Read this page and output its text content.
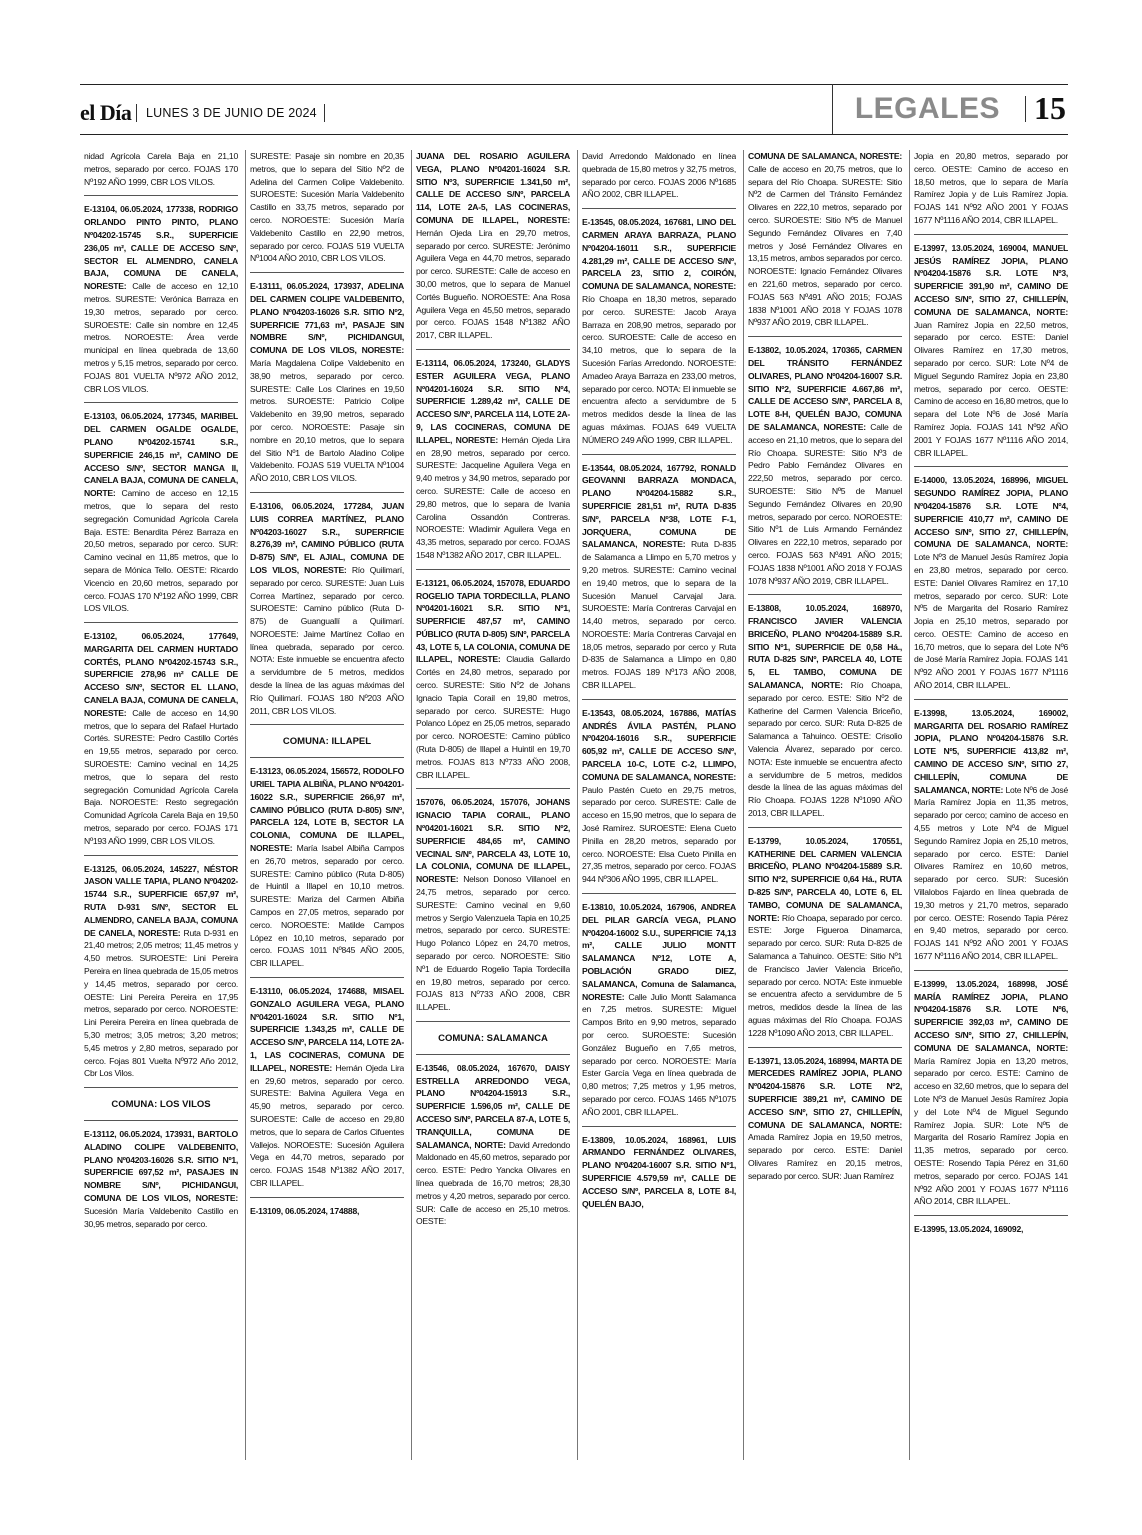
el Día LUNES 3 DE JUNIO DE 2024	LEGALES 15
nidad Agrícola Carela Baja en 21,10 metros, separado por cerco. FOJAS 170 Nº192 AÑO 1999, CBR LOS VILOS.
E-13104, 06.05.2024, 177338, RODRIGO ORLANDO PINTO PINTO, PLANO Nº04202-15745 S.R., SUPERFICIE 236,05 m², CALLE DE ACCESO S/Nº, SECTOR EL ALMENDRO, CANELA BAJA, COMUNA DE CANELA, NORESTE: Calle de acceso en 12,10 metros. SURESTE: Verónica Barraza en 19,30 metros, separado por cerco. SUROESTE: Calle sin nombre en 12,45 metros. NOROESTE: Área verde municipal en línea quebrada de 13,60 metros y 5,15 metros, separado por cerco. FOJAS 801 VUELTA Nº972 AÑO 2012, CBR LOS VILOS.
E-13103, 06.05.2024, 177345, MARIBEL DEL CARMEN OGALDE OGALDE, PLANO Nº04202-15741 S.R., SUPERFICIE 246,15 m², CAMINO DE ACCESO S/Nº, SECTOR MANGA II, CANELA BAJA, COMUNA DE CANELA, NORTE: Camino de acceso en 12,15 metros, que lo separa del resto segregación Comunidad Agrícola Carela Baja. ESTE: Benardita Pérez Barraza en 20,50 metros, separado por cerco. SUR: Camino vecinal en 11,85 metros, que lo separa de Mónica Tello. OESTE: Ricardo Vicencio en 20,60 metros, separado por cerco. FOJAS 170 Nº192 AÑO 1999, CBR LOS VILOS.
E-13102, 06.05.2024, 177649, MARGARITA DEL CARMEN HURTADO CORTÉS, PLANO Nº04202-15743 S.R., SUPERFICIE 278,96 m² CALLE DE ACCESO S/Nº, SECTOR EL LLANO, CANELA BAJA, COMUNA DE CANELA, NORESTE: Calle de acceso en 14,90 metros, que lo separa del Rafael Hurtado Cortés. SURESTE: Pedro Castillo Cortés en 19,55 metros, separado por cerco. SUROESTE: Camino vecinal en 14,25 metros, que lo separa del resto segregación Comunidad Agrícola Carela Baja. NOROESTE: Resto segregación Comunidad Agrícola Carela Baja en 19,50 metros, separado por cerco. FOJAS 171 Nº193 AÑO 1999, CBR LOS VILOS.
E-13125, 06.05.2024, 145227, NÉSTOR JASON VALLE TAPIA, PLANO Nº04202-15744 S.R., SUPERFICIE 657,97 m², RUTA D-931 S/Nº, SECTOR EL ALMENDRO, CANELA BAJA, COMUNA DE CANELA, NORESTE: Ruta D-931 en 21,40 metros; 2,05 metros; 11,45 metros y 4,50 metros. SUROESTE: Lini Pereira Pereira en línea quebrada de 15,05 metros y 14,45 metros, separado por cerco. OESTE: Lini Pereira Pereira en 17,95 metros, separado por cerco. NOROESTE: Lini Pereira Pereira en línea quebrada de 5,30 metros; 3,05 metros; 3,20 metros; 5,45 metros y 2,80 metros, separado por cerco. Fojas 801 Vuelta Nº972 Año 2012, Cbr Los Vilos.
COMUNA: LOS VILOS
E-13112, 06.05.2024, 173931, BARTOLO ALADINO COLIPE VALDEBENITO, PLANO Nº04203-16026 S.R. SITIO Nº1, SUPERFICIE 697,52 m², PASAJES IN NOMBRE S/Nº, PICHIDANGUI, COMUNA DE LOS VILOS, NORESTE: Sucesión María Valdebenito Castillo en 30,95 metros, separado por cerco.
SURESTE: Pasaje sin nombre en 20,35 metros, que lo separa del Sitio Nº2 de Adelina del Carmen Colipe Valdebenito. SUROESTE: Sucesión María Valdebenito Castillo en 33,75 metros, separado por cerco. NOROESTE: Sucesión María Valdebenito Castillo en 22,90 metros, separado por cerco. FOJAS 519 VUELTA Nº1004 AÑO 2010, CBR LOS VILOS.
E-13111, 06.05.2024, 173937, ADELINA DEL CARMEN COLIPE VALDEBENITO, PLANO Nº04203-16026 S.R. SITIO Nº2, SUPERFICIE 771,63 m², PASAJE SIN NOMBRE S/Nº, PICHIDANGUI, COMUNA DE LOS VILOS, NORESTE: María Magdalena Colipe Valdebenito en 38,90 metros, separado por cerco. SURESTE: Calle Los Clarines en 19,50 metros. SUROESTE: Patricio Colipe Valdebenito en 39,90 metros, separado por cerco. NOROESTE: Pasaje sin nombre en 20,10 metros, que lo separa del Sitio Nº1 de Bartolo Aladino Colipe Valdebenito. FOJAS 519 VUELTA Nº1004 AÑO 2010, CBR LOS VILOS.
E-13106, 06.05.2024, 177284, JUAN LUIS CORREA MARTÍNEZ, PLANO Nº04203-16027 S.R., SUPERFICIE 8.276,39 m², CAMINO PÚBLICO (RUTA D-875) S/Nº, EL AJIAL, COMUNA DE LOS VILOS, NORESTE: Río Quilimarí, separado por cerco. SURESTE: Juan Luis Correa Martínez, separado por cerco. SUROESTE: Camino público (Ruta D-875) de Guanguallí a Quilimarí. NOROESTE: Jaime Martínez Collao en línea quebrada, separado por cerco. NOTA: Este inmueble se encuentra afecto a servidumbre de 5 metros, medidos desde la línea de las aguas máximas del Río Quilimarí. FOJAS 180 Nº203 AÑO 2011, CBR LOS VILOS.
COMUNA: ILLAPEL
E-13123, 06.05.2024, 156572, RODOLFO URIEL TAPIA ALBIÑA, PLANO Nº04201-16022 S.R., SUPERFICIE 266,97 m², CAMINO PÚBLICO (RUTA D-805) S/Nº, PARCELA 124, LOTE B, SECTOR LA COLONIA, COMUNA DE ILLAPEL, NORESTE: María Isabel Albiña Campos en 26,70 metros, separado por cerco. SURESTE: Camino público (Ruta D-805) de Huintil a Illapel en 10,10 metros. SURESTE: Mariza del Carmen Albiña Campos en 27,05 metros, separado por cerco. NOROESTE: Matilde Campos López en 10,10 metros, separado por cerco. FOJAS 1011 Nº845 AÑO 2005, CBR ILLAPEL.
E-13110, 06.05.2024, 174688, MISAEL GONZALO AGUILERA VEGA, PLANO Nº04201-16024 S.R. SITIO Nº1, SUPERFICIE 1.343,25 m², CALLE DE ACCESO S/Nº, PARCELA 114, LOTE 2A-1, LAS COCINERAS, COMUNA DE ILLAPEL, NORESTE: Hernán Ojeda Lira en 29,60 metros, separado por cerco. SURESTE: Balvina Aguilera Vega en 45,90 metros, separado por cerco. SUROESTE: Calle de acceso en 29,80 metros, que lo separa de Carlos Cifuentes Vallejos. NOROESTE: Sucesión Aguilera Vega en 44,70 metros, separado por cerco. FOJAS 1548 Nº1382 AÑO 2017, CBR ILLAPEL.
E-13109, 06.05.2024, 174888,
JUANA DEL ROSARIO AGUILERA VEGA, PLANO Nº04201-16024 S.R. SITIO Nº3, SUPERFICIE 1.341,50 m², CALLE DE ACCESO S/Nº, PARCELA 114, LOTE 2A-5, LAS COCINERAS, COMUNA DE ILLAPEL, NORESTE: Hernán Ojeda Lira en 29,70 metros, separado por cerco. SURESTE: Jerónimo Aguilera Vega en 44,70 metros, separado por cerco. SURESTE: Calle de acceso en 30,00 metros, que lo separa de Manuel Cortés Bugueño. NOROESTE: Ana Rosa Aguilera Vega en 45,50 metros, separado por cerco. FOJAS 1548 Nº1382 AÑO 2017, CBR ILLAPEL.
E-13114, 06.05.2024, 173240, GLADYS ESTER AGUILERA VEGA, PLANO Nº04201-16024 S.R. SITIO Nº4, SUPERFICIE 1.289,42 m², CALLE DE ACCESO S/Nº, PARCELA 114, LOTE 2A-9, LAS COCINERAS, COMUNA DE ILLAPEL, NORESTE: Hernán Ojeda Lira en 28,90 metros, separado por cerco. SURESTE: Jacqueline Aguilera Vega en 9,40 metros y 34,90 metros, separado por cerco. SURESTE: Calle de acceso en 29,80 metros, que lo separa de Ivania Carolina Ossandón Contreras. NOROESTE: Wladimir Aguilera Vega en 43,35 metros, separado por cerco. FOJAS 1548 Nº1382 AÑO 2017, CBR ILLAPEL.
E-13121, 06.05.2024, 157078, EDUARDO ROGELIO TAPIA TORDECILLA, PLANO Nº04201-16021 S.R. SITIO Nº1, SUPERFICIE 487,57 m², CAMINO PÚBLICO (RUTA D-805) S/Nº, PARCELA 43, LOTE 5, LA COLONIA, COMUNA DE ILLAPEL, NORESTE: Claudia Gallardo Cortés en 24,80 metros, separado por cerco. SURESTE: Sitio Nº2 de Johans Ignacio Tapia Corail en 19,80 metros, separado por cerco. SURESTE: Hugo Polanco López en 25,05 metros, separado por cerco. NOROESTE: Camino público (Ruta D-805) de Illapel a Huintil en 19,70 metros. FOJAS 813 Nº733 AÑO 2008, CBR ILLAPEL.
157076, 06.05.2024, 157076, JOHANS IGNACIO TAPIA CORAIL, PLANO Nº04201-16021 S.R. SITIO Nº2, SUPERFICIE 484,65 m², CAMINO VECINAL S/Nº, PARCELA 43, LOTE 10, LA COLONIA, COMUNA DE ILLAPEL, NORESTE: Nelson Donoso Villanoel en 24,75 metros, separado por cerco. SURESTE: Camino vecinal en 9,60 metros y Sergio Valenzuela Tapia en 10,25 metros, separado por cerco. SURESTE: Hugo Polanco López en 24,70 metros, separado por cerco. NOROESTE: Sitio Nº1 de Eduardo Rogelio Tapia Tordecilla en 19,80 metros, separado por cerco. FOJAS 813 Nº733 AÑO 2008, CBR ILLAPEL.
COMUNA: SALAMANCA
E-13546, 08.05.2024, 167670, DAISY ESTRELLA ARREDONDO VEGA, PLANO Nº04204-15913 S.R., SUPERFICIE 1.596,05 m², CALLE DE ACCESO S/Nº, PARCELA 87-A, LOTE 5, TRANQUILLA, COMUNA DE SALAMANCA, NORTE: David Arredondo Maldonado en 45,60 metros, separado por cerco. ESTE: Pedro Yancka Olivares en línea quebrada de 16,70 metros; 28,30 metros y 4,20 metros, separado por cerco. SUR: Calle de acceso en 25,10 metros. OESTE:
David Arredondo Maldonado en línea quebrada de 15,80 metros y 32,75 metros, separado por cerco. FOJAS 2006 Nº1685 AÑO 2002, CBR ILLAPEL.
E-13545, 08.05.2024, 167681, LINO DEL CARMEN ARAYA BARRAZA, PLANO Nº04204-16011 S.R., SUPERFICIE 4.281,29 m², CALLE DE ACCESO S/Nº, PARCELA 23, SITIO 2, COIRÓN, COMUNA DE SALAMANCA, NORESTE: Río Choapa en 18,30 metros, separado por cerco. SURESTE: Jacob Araya Barraza en 208,90 metros, separado por cerco. SUROESTE: Calle de acceso en 34,10 metros, que lo separa de la Sucesión Farías Arredondo. NOROESTE: Amadeo Araya Barraza en 233,00 metros, separado por cerco. NOTA: El inmueble se encuentra afecto a servidumbre de 5 metros medidos desde la línea de las aguas máximas. FOJAS 649 VUELTA NÚMERO 249 AÑO 1999, CBR ILLAPEL.
E-13544, 08.05.2024, 167792, RONALD GEOVANNI BARRAZA MONDACA, PLANO Nº04204-15882 S.R., SUPERFICIE 281,51 m², RUTA D-835 S/Nº, PARCELA Nº38, LOTE F-1, JORQUERA, COMUNA DE SALAMANCA, NORESTE: Ruta D-835 de Salamanca a Llimpo en 5,70 metros y 9,20 metros. SURESTE: Camino vecinal en 19,40 metros, que lo separa de la Sucesión Manuel Carvajal Jara. SUROESTE: María Contreras Carvajal en 14,40 metros, separado por cerco. NOROESTE: María Contreras Carvajal en 18,05 metros, separado por cerco y Ruta D-835 de Salamanca a Llimpo en 0,80 metros. FOJAS 189 Nº173 AÑO 2008, CBR ILLAPEL.
E-13543, 08.05.2024, 167886, MATÍAS ANDRÉS ÁVILA PASTÉN, PLANO Nº04204-16016 S.R., SUPERFICIE 605,92 m², CALLE DE ACCESO S/Nº, PARCELA 10-C, LOTE C-2, LLIMPO, COMUNA DE SALAMANCA, NORESTE: Paulo Pastén Cueto en 29,75 metros, separado por cerco. SURESTE: Calle de acceso en 15,90 metros, que lo separa de José Ramírez. SUROESTE: Elena Cueto Pinilla en 28,20 metros, separado por cerco. NOROESTE: Elsa Cueto Pinilla en 27,35 metros, separado por cerco. FOJAS 944 Nº306 AÑO 1995, CBR ILLAPEL.
E-13810, 10.05.2024, 167906, ANDREA DEL PILAR GARCÍA VEGA, PLANO Nº04204-16002 S.U., SUPERFICIE 74,13 m², CALLE JULIO MONTT SALAMANCA Nº12, LOTE A, POBLACIÓN GRADO DIEZ, SALAMANCA, Comuna de Salamanca, NORESTE: Calle Julio Montt Salamanca en 7,25 metros. SURESTE: Miguel Campos Brito en 9,90 metros, separado por cerco. SUROESTE: Sucesión González Bugueño en 7,65 metros, separado por cerco. NOROESTE: María Ester García Vega en línea quebrada de 0,80 metros; 7,25 metros y 1,95 metros, separado por cerco. FOJAS 1465 Nº1075 AÑO 2001, CBR ILLAPEL.
E-13809, 10.05.2024, 168961, LUIS ARMANDO FERNÁNDEZ OLIVARES, PLANO Nº04204-16007 S.R. SITIO Nº1, SUPERFICIE 4.579,59 m², CALLE DE ACCESO S/Nº, PARCELA 8, LOTE 8-I, QUELÉN BAJO,
COMUNA DE SALAMANCA, NORESTE: Calle de acceso en 20,75 metros, que lo separa del Río Choapa. SURESTE: Sitio Nº2 de Carmen del Tránsito Fernández Olivares en 222,10 metros, separado por cerco. SUROESTE: Sitio Nº5 de Manuel Segundo Fernández Olivares en 7,40 metros y José Fernández Olivares en 13,15 metros, ambos separados por cerco. NOROESTE: Ignacio Fernández Olivares en 221,60 metros, separado por cerco. FOJAS 563 Nº491 AÑO 2015; FOJAS 1838 Nº1001 AÑO 2018 Y FOJAS 1078 Nº937 AÑO 2019, CBR ILLAPEL.
E-13802, 10.05.2024, 170365, CARMEN DEL TRÁNSITO FERNÁNDEZ OLIVARES, PLANO Nº04204-16007 S.R. SITIO Nº2, SUPERFICIE 4.667,86 m², CALLE DE ACCESO S/Nº, PARCELA 8, LOTE 8-H, QUELÉN BAJO, COMUNA DE SALAMANCA, NORESTE: Calle de acceso en 21,10 metros, que lo separa del Río Choapa. SURESTE: Sitio Nº3 de Pedro Pablo Fernández Olivares en 222,50 metros, separado por cerco. SUROESTE: Sitio Nº5 de Manuel Segundo Fernández Olivares en 20,90 metros, separado por cerco. NOROESTE: Sitio Nº1 de Luis Armando Fernández Olivares en 222,10 metros, separado por cerco. FOJAS 563 Nº491 AÑO 2015; FOJAS 1838 Nº1001 AÑO 2018 Y FOJAS 1078 Nº937 AÑO 2019, CBR ILLAPEL.
E-13808, 10.05.2024, 168970, FRANCISCO JAVIER VALENCIA BRICEÑO, PLANO Nº04204-15889 S.R. SITIO Nº1, SUPERFICIE DE 0,58 Há., RUTA D-825 S/Nº, PARCELA 40, LOTE 5, EL TAMBO, COMUNA DE SALAMANCA, NORTE: Río Choapa, separado por cerco. ESTE: Sitio Nº2 de Katherine del Carmen Valencia Briceño, separado por cerco. SUR: Ruta D-825 de Salamanca a Tahuinco. OESTE: Crisolio Valencia Álvarez, separado por cerco. NOTA: Este inmueble se encuentra afecto a servidumbre de 5 metros, medidos desde la línea de las aguas máximas del Río Choapa. FOJAS 1228 Nº1090 AÑO 2013, CBR ILLAPEL.
E-13799, 10.05.2024, 170551, KATHERINE DEL CARMEN VALENCIA BRICEÑO, PLANO Nº04204-15889 S.R. SITIO Nº2, SUPERFICIE 0,64 Há., RUTA D-825 S/Nº, PARCELA 40, LOTE 6, EL TAMBO, COMUNA DE SALAMANCA, NORTE: Río Choapa, separado por cerco. ESTE: Jorge Figueroa Dinamarca, separado por cerco. SUR: Ruta D-825 de Salamanca a Tahuinco. OESTE: Sitio Nº1 de Francisco Javier Valencia Briceño, separado por cerco. NOTA: Este inmueble se encuentra afecto a servidumbre de 5 metros, medidos desde la línea de las aguas máximas del Río Choapa. FOJAS 1228 Nº1090 AÑO 2013, CBR ILLAPEL.
E-13971, 13.05.2024, 168994, MARTA DE MERCEDES RAMÍREZ JOPIA, PLANO Nº04204-15876 S.R. LOTE Nº2, SUPERFICIE 389,21 m², CAMINO DE ACCESO S/Nº, SITIO 27, CHILLEPÍN, COMUNA DE SALAMANCA, NORTE: Amada Ramírez Jopia en 19,50 metros, separado por cerco. ESTE: Daniel Olivares Ramírez en 20,15 metros, separado por cerco. SUR: Juan Ramírez
Jopia en 20,80 metros, separado por cerco. OESTE: Camino de acceso en 18,50 metros, que lo separa de María Ramírez Jopia y de Luis Ramírez Jopia. FOJAS 141 Nº92 AÑO 2001 Y FOJAS 1677 Nº1116 AÑO 2014, CBR ILLAPEL.
E-13997, 13.05.2024, 169004, MANUEL JESÚS RAMÍREZ JOPIA, PLANO Nº04204-15876 S.R. LOTE Nº3, SUPERFICIE 391,90 m², CAMINO DE ACCESO S/Nº, SITIO 27, CHILLEPÍN, COMUNA DE SALAMANCA, NORTE: Juan Ramírez Jopia en 22,50 metros, separado por cerco. ESTE: Daniel Olivares Ramírez en 17,30 metros, separado por cerco. SUR: Lote Nº4 de Miguel Segundo Ramírez Jopia en 23,80 metros, separado por cerco. OESTE: Camino de acceso en 16,80 metros, que lo separa del Lote Nº6 de José María Ramírez Jopia. FOJAS 141 Nº92 AÑO 2001 Y FOJAS 1677 Nº1116 AÑO 2014, CBR ILLAPEL.
E-14000, 13.05.2024, 168996, MIGUEL SEGUNDO RAMÍREZ JOPIA, PLANO Nº04204-15876 S.R. LOTE Nº4, SUPERFICIE 410,77 m², CAMINO DE ACCESO S/Nº, SITIO 27, CHILLEPÍN, COMUNA DE SALAMANCA, NORTE: Lote Nº3 de Manuel Jesús Ramírez Jopia en 23,80 metros, separado por cerco. ESTE: Daniel Olivares Ramírez en 17,10 metros, separado por cerco. SUR: Lote Nº5 de Margarita del Rosario Ramírez Jopia en 25,10 metros, separado por cerco. OESTE: Camino de acceso en 16,70 metros, que lo separa del Lote Nº6 de José María Ramírez Jopia. FOJAS 141 Nº92 AÑO 2001 Y FOJAS 1677 Nº1116 AÑO 2014, CBR ILLAPEL.
E-13998, 13.05.2024, 169002, MARGARITA DEL ROSARIO RAMÍREZ JOPIA, PLANO Nº04204-15876 S.R. LOTE Nº5, SUPERFICIE 413,82 m², CAMINO DE ACCESO S/Nº, SITIO 27, CHILLEPÍN, COMUNA DE SALAMANCA, NORTE: Lote Nº6 de José María Ramírez Jopia en 11,35 metros, separado por cerco; camino de acceso en 4,55 metros y Lote Nº4 de Miguel Segundo Ramírez Jopia en 25,10 metros, separado por cerco. ESTE: Daniel Olivares Ramírez en 10,60 metros, separado por cerco. SUR: Sucesión Villalobos Fajardo en línea quebrada de 19,30 metros y 21,70 metros, separado por cerco. OESTE: Rosendo Tapia Pérez en 9,40 metros, separado por cerco. FOJAS 141 Nº92 AÑO 2001 Y FOJAS 1677 Nº1116 AÑO 2014, CBR ILLAPEL.
E-13999, 13.05.2024, 168998, JOSÉ MARÍA RAMÍREZ JOPIA, PLANO Nº04204-15876 S.R. LOTE Nº6, SUPERFICIE 392,03 m², CAMINO DE ACCESO S/Nº, SITIO 27, CHILLEPÍN, COMUNA DE SALAMANCA, NORTE: María Ramírez Jopia en 13,20 metros, separado por cerco. ESTE: Camino de acceso en 32,60 metros, que lo separa del Lote Nº3 de Manuel Jesús Ramírez Jopia y del Lote Nº4 de Miguel Segundo Ramírez Jopia. SUR: Lote Nº5 de Margarita del Rosario Ramírez Jopia en 11,35 metros, separado por cerco. OESTE: Rosendo Tapia Pérez en 31,60 metros, separado por cerco. FOJAS 141 Nº92 AÑO 2001 Y FOJAS 1677 Nº1116 AÑO 2014, CBR ILLAPEL.
E-13995, 13.05.2024, 169092,
